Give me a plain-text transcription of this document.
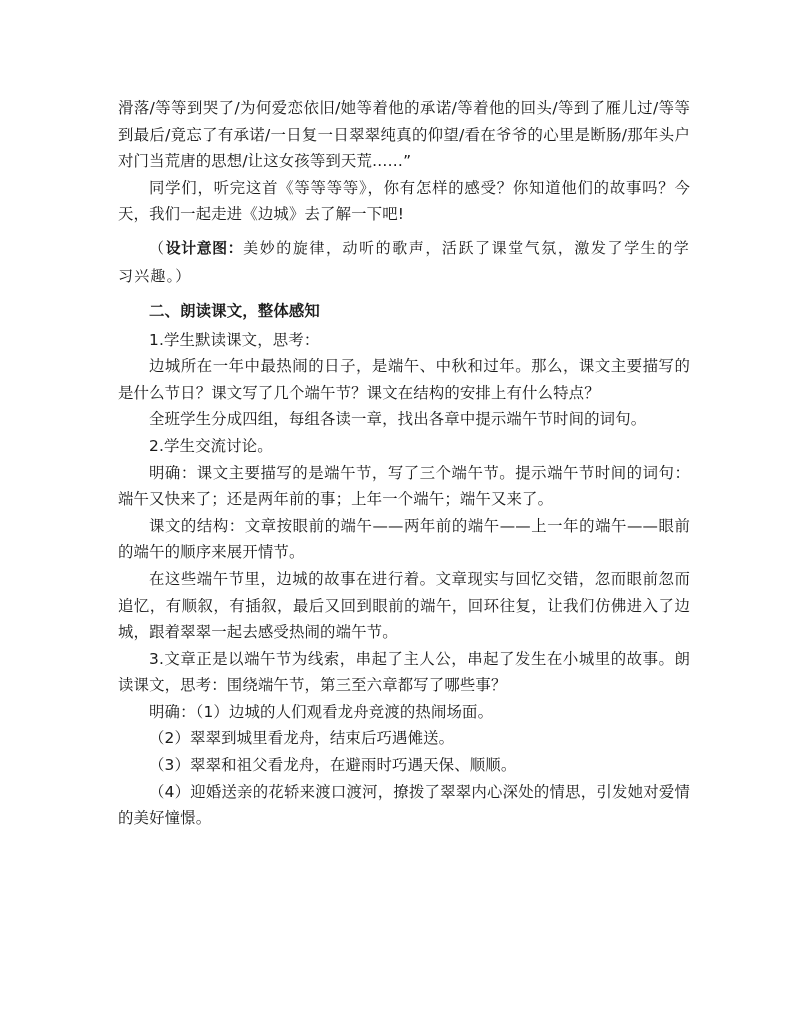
滑落/等等到哭了/为何爱恋依旧/她等着他的承诺/等着他的回头/等到了雁儿过/等等到最后/竟忘了有承诺/一日复一日翠翠纯真的仰望/看在爷爷的心里是断肠/那年头户对门当荒唐的思想/让这女孩等到天荒……”

同学们，听完这首《等等等等》，你有怎样的感受？你知道他们的故事吗？今天，我们一起走进《边城》去了解一下吧!

（设计意图：美妙的旋律，动听的歌声，活跃了课堂气氛，激发了学生的学习兴趣。）

二、朗读课文，整体感知

1.学生默读课文，思考：

边城所在一年中最热闹的日子，是端午、中秋和过年。那么，课文主要描写的是什么节日？课文写了几个端午节？课文在结构的安排上有什么特点？

全班学生分成四组，每组各读一章，找出各章中提示端午节时间的词句。

2.学生交流讨论。

明确：课文主要描写的是端午节，写了三个端午节。提示端午节时间的词句：端午又快来了；还是两年前的事；上年一个端午；端午又来了。

课文的结构：文章按眼前的端午——两年前的端午——上一年的端午——眼前的端午的顺序来展开情节。

在这些端午节里，边城的故事在进行着。文章现实与回忆交错，忽而眼前忽而追忆，有顺叙，有插叙，最后又回到眼前的端午，回环往复，让我们仿佛进入了边城，跟着翠翠一起去感受热闹的端午节。

3.文章正是以端午节为线索，串起了主人公，串起了发生在小城里的故事。朗读课文，思考：围绕端午节，第三至六章都写了哪些事？

明确：（1）边城的人们观看龙舟竞渡的热闹场面。

（2）翠翠到城里看龙舟，结束后巧遇傩送。

（3）翠翠和祖父看龙舟，在避雨时巧遇天保、顺顺。

（4）迎婚送亲的花轿来渡口渡河，撩拨了翠翠内心深处的情思，引发她对爱情的美好憧憬。
